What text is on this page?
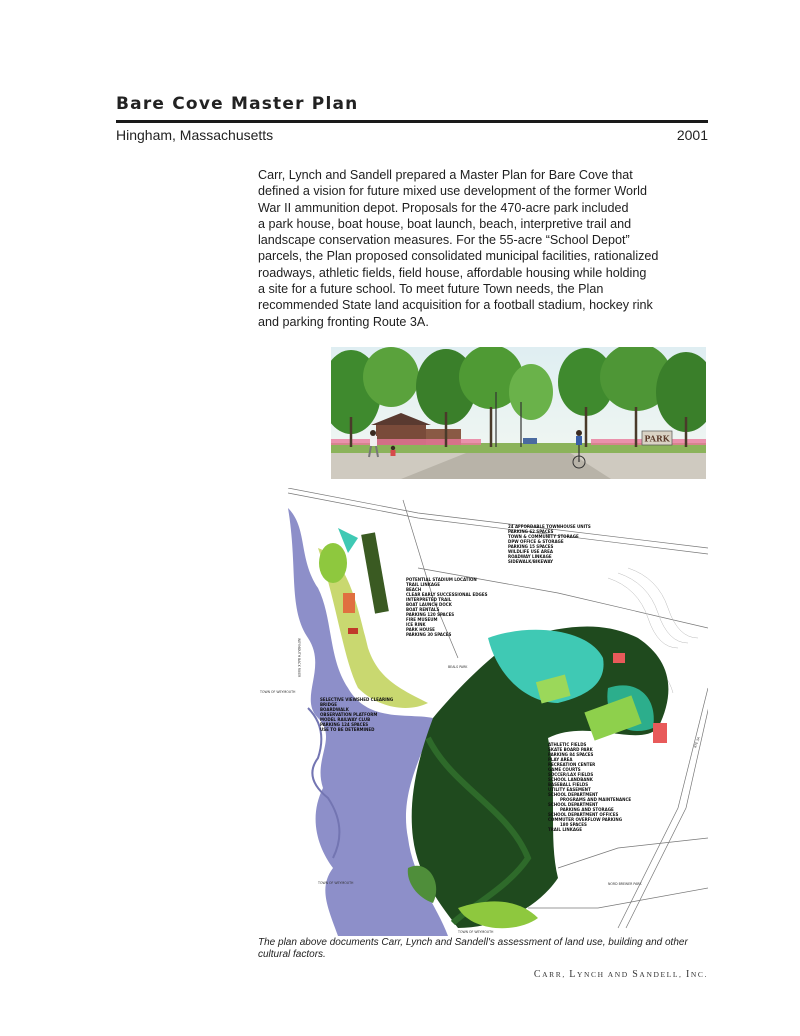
Bare Cove Master Plan
Hingham, Massachusetts	2001
Carr, Lynch and Sandell prepared a Master Plan for Bare Cove that
defined a vision for future mixed use development of the former World
War II ammunition depot. Proposals for the 470-acre park included
a park house, boat house, boat launch, beach, interpretive trail and
landscape conservation measures. For the 55-acre “School Depot”
parcels, the Plan proposed consolidated municipal facilities, rationalized
roadways, athletic fields, field house, affordable housing while holding
a site for a future school. To meet future Town needs, the Plan
recommended State land acquisition for a football stadium, hockey rink
and parking fronting Route 3A.
PARK
24 AFFORDABLE TOWNHOUSE UNITS
PARKING 62 SPACES
TOWN & COMMUNITY STORAGE
DPW OFFICE & STORAGE
PARKING 15 SPACES
WILDLIFE USE AREA
ROADWAY LINKAGE
SIDEWALK/BIKEWAY
POTENTIAL STADIUM LOCATION
TRAIL LINKAGE
BEACH
CLEAR EARLY SUCCESSIONAL EDGES
INTERPRETED TRAIL
BOAT LAUNCH DOCK
BOAT RENTALS
PARKING 120 SPACES
FIRE MUSEUM
ICE RINK
PARK HOUSE
PARKING 30 SPACES
SELECTIVE VIEWSHED CLEARING
BRIDGE
BOARDWALK
OBSERVATION PLATFORM
MODEL RAILWAY CLUB
PARKING 124 SPACES
USE TO BE DETERMINED
ATHLETIC FIELDS
SKATE BOARD PARK
PARKING 84 SPACES
PLAY AREA
RECREATION CENTER
GAME COURTS
SOCCER/LAX FIELDS
SCHOOL LANDBANK
BASEBALL FIELDS
UTILITY EASEMENT
SCHOOL DEPARTMENT
PROGRAMS AND MAINTENANCE
SCHOOL DEPARTMENT
PARKING AND STORAGE
SCHOOL DEPARTMENT OFFICES
COMMUTER OVERFLOW PARKING
180 SPACES
TRAIL LINKAGE
TOWN OF WEYMOUTH
TOWN OF WEYMOUTH
TOWN OF WEYMOUTH
NORD BREWER PARK
BEALS PARK
WEYMOUTH BACK RIVER
RTE 3A
The plan above documents Carr, Lynch and Sandell's assessment of land use, building and other cultural factors.
CARR, LYNCH AND SANDELL, INC.
